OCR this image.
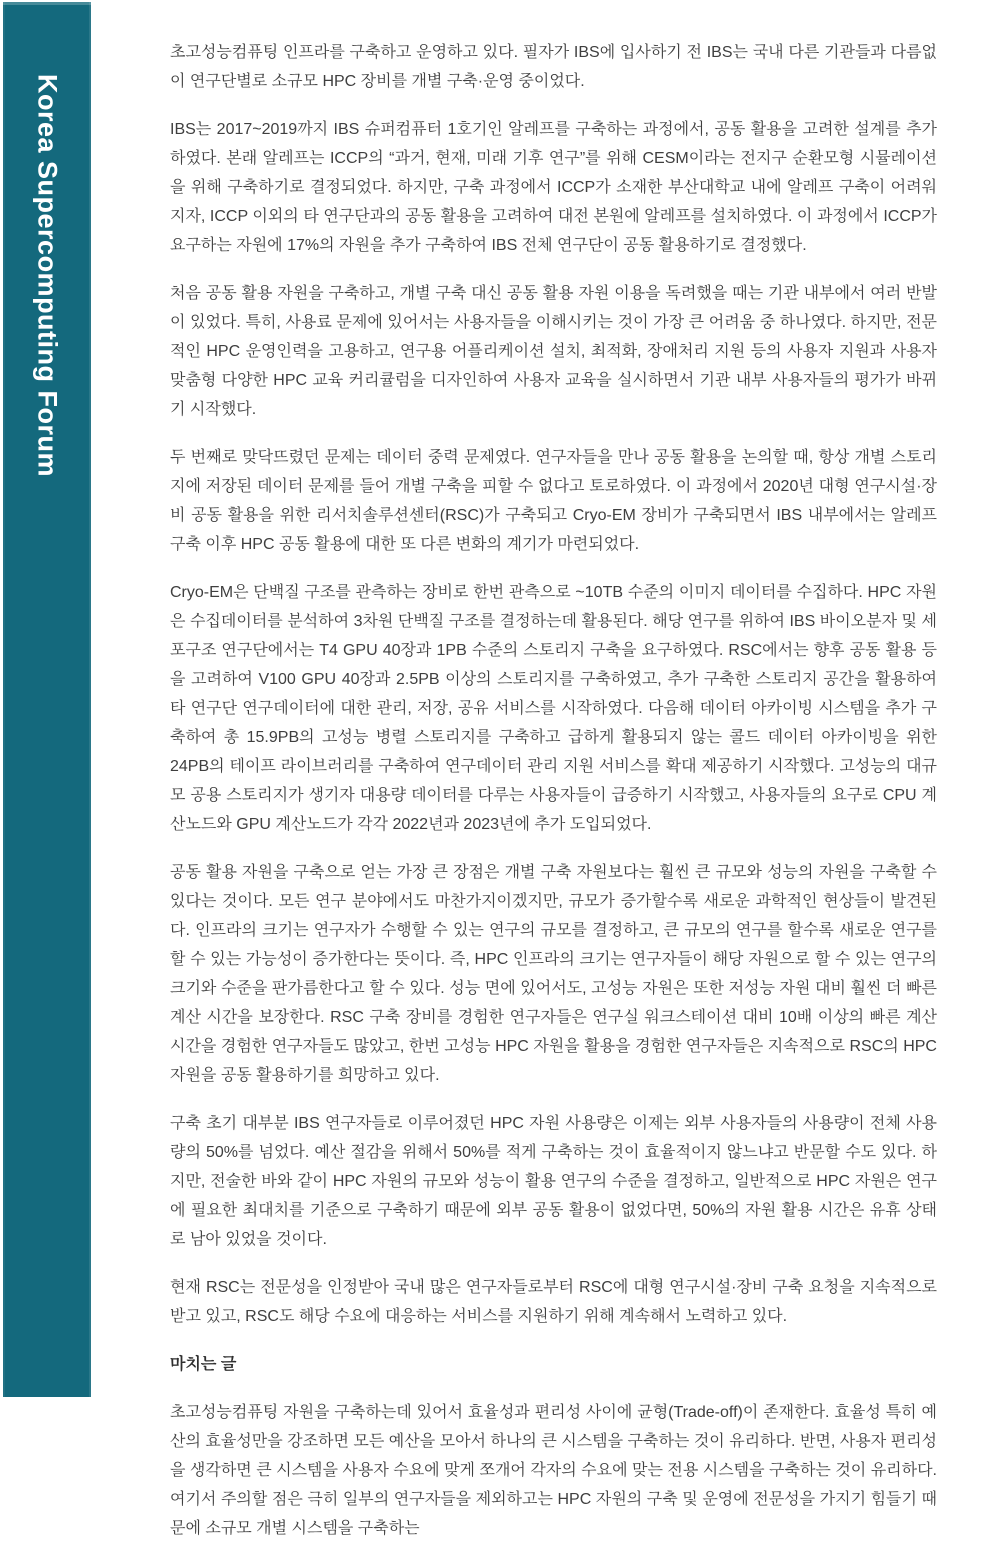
Korea Supercomputing Forum

초고성능컴퓨팅 인프라를 구축하고 운영하고 있다. 필자가 IBS에 입사하기 전 IBS는 국내 다른 기관들과 다름없이 연구단별로 소규모 HPC 장비를 개별 구축·운영 중이었다.

IBS는 2017~2019까지 IBS 슈퍼컴퓨터 1호기인 알레프를 구축하는 과정에서, 공동 활용을 고려한 설계를 추가하였다. 본래 알레프는 ICCP의 “과거, 현재, 미래 기후 연구”를 위해 CESM이라는 전지구 순환모형 시뮬레이션을 위해 구축하기로 결정되었다. 하지만, 구축 과정에서 ICCP가 소재한 부산대학교 내에 알레프 구축이 어려워지자, ICCP 이외의 타 연구단과의 공동 활용을 고려하여 대전 본원에 알레프를 설치하였다. 이 과정에서 ICCP가 요구하는 자원에 17%의 자원을 추가 구축하여 IBS 전체 연구단이 공동 활용하기로 결정했다.

처음 공동 활용 자원을 구축하고, 개별 구축 대신 공동 활용 자원 이용을 독려했을 때는 기관 내부에서 여러 반발이 있었다. 특히, 사용료 문제에 있어서는 사용자들을 이해시키는 것이 가장 큰 어려움 중 하나였다. 하지만, 전문적인 HPC 운영인력을 고용하고, 연구용 어플리케이션 설치, 최적화, 장애처리 지원 등의 사용자 지원과 사용자 맞춤형 다양한 HPC 교육 커리큘럼을 디자인하여 사용자 교육을 실시하면서 기관 내부 사용자들의 평가가 바뀌기 시작했다.

두 번째로 맞닥뜨렸던 문제는 데이터 중력 문제였다. 연구자들을 만나 공동 활용을 논의할 때, 항상 개별 스토리지에 저장된 데이터 문제를 들어 개별 구축을 피할 수 없다고 토로하였다. 이 과정에서 2020년 대형 연구시설·장비 공동 활용을 위한 리서치솔루션센터(RSC)가 구축되고 Cryo-EM 장비가 구축되면서 IBS 내부에서는 알레프 구축 이후 HPC 공동 활용에 대한 또 다른 변화의 계기가 마련되었다.

Cryo-EM은 단백질 구조를 관측하는 장비로 한번 관측으로 ~10TB 수준의 이미지 데이터를 수집하다. HPC 자원은 수집데이터를 분석하여 3차원 단백질 구조를 결정하는데 활용된다. 해당 연구를 위하여 IBS 바이오분자 및 세포구조 연구단에서는 T4 GPU 40장과 1PB 수준의 스토리지 구축을 요구하였다. RSC에서는 향후 공동 활용 등을 고려하여 V100 GPU 40장과 2.5PB 이상의 스토리지를 구축하였고, 추가 구축한 스토리지 공간을 활용하여 타 연구단 연구데이터에 대한 관리, 저장, 공유 서비스를 시작하였다. 다음해 데이터 아카이빙 시스템을 추가 구축하여 총 15.9PB의 고성능 병렬 스토리지를 구축하고 급하게 활용되지 않는 콜드 데이터 아카이빙을 위한 24PB의 테이프 라이브러리를 구축하여 연구데이터 관리 지원 서비스를 확대 제공하기 시작했다. 고성능의 대규모 공용 스토리지가 생기자 대용량 데이터를 다루는 사용자들이 급증하기 시작했고, 사용자들의 요구로 CPU 계산노드와 GPU 계산노드가 각각 2022년과 2023년에 추가 도입되었다.

공동 활용 자원을 구축으로 얻는 가장 큰 장점은 개별 구축 자원보다는 훨씬 큰 규모와 성능의 자원을 구축할 수 있다는 것이다. 모든 연구 분야에서도 마찬가지이겠지만, 규모가 증가할수록 새로운 과학적인 현상들이 발견된다. 인프라의 크기는 연구자가 수행할 수 있는 연구의 규모를 결정하고, 큰 규모의 연구를 할수록 새로운 연구를 할 수 있는 가능성이 증가한다는 뜻이다. 즉, HPC 인프라의 크기는 연구자들이 해당 자원으로 할 수 있는 연구의 크기와 수준을 판가름한다고 할 수 있다. 성능 면에 있어서도, 고성능 자원은 또한 저성능 자원 대비 훨씬 더 빠른 계산 시간을 보장한다. RSC 구축 장비를 경험한 연구자들은 연구실 워크스테이션 대비 10배 이상의 빠른 계산 시간을 경험한 연구자들도 많았고, 한번 고성능 HPC 자원을 활용을 경험한 연구자들은 지속적으로 RSC의 HPC 자원을 공동 활용하기를 희망하고 있다.

구축 초기 대부분 IBS 연구자들로 이루어졌던 HPC 자원 사용량은 이제는 외부 사용자들의 사용량이 전체 사용량의 50%를 넘었다. 예산 절감을 위해서 50%를 적게 구축하는 것이 효율적이지 않느냐고 반문할 수도 있다. 하지만, 전술한 바와 같이 HPC 자원의 규모와 성능이 활용 연구의 수준을 결정하고, 일반적으로 HPC 자원은 연구에 필요한 최대치를 기준으로 구축하기 때문에 외부 공동 활용이 없었다면, 50%의 자원 활용 시간은 유휴 상태로 남아 있었을 것이다.

현재 RSC는 전문성을 인정받아 국내 많은 연구자들로부터 RSC에 대형 연구시설·장비 구축 요청을 지속적으로 받고 있고, RSC도 해당 수요에 대응하는 서비스를 지원하기 위해 계속해서 노력하고 있다.

마치는 글

초고성능컴퓨팅 자원을 구축하는데 있어서 효율성과 편리성 사이에 균형(Trade-off)이 존재한다. 효율성 특히 예산의 효율성만을 강조하면 모든 예산을 모아서 하나의 큰 시스템을 구축하는 것이 유리하다. 반면, 사용자 편리성을 생각하면 큰 시스템을 사용자 수요에 맞게 쪼개어 각자의 수요에 맞는 전용 시스템을 구축하는 것이 유리하다. 여기서 주의할 점은 극히 일부의 연구자들을 제외하고는 HPC 자원의 구축 및 운영에 전문성을 가지기 힘들기 때문에 소규모 개별 시스템을 구축하는
